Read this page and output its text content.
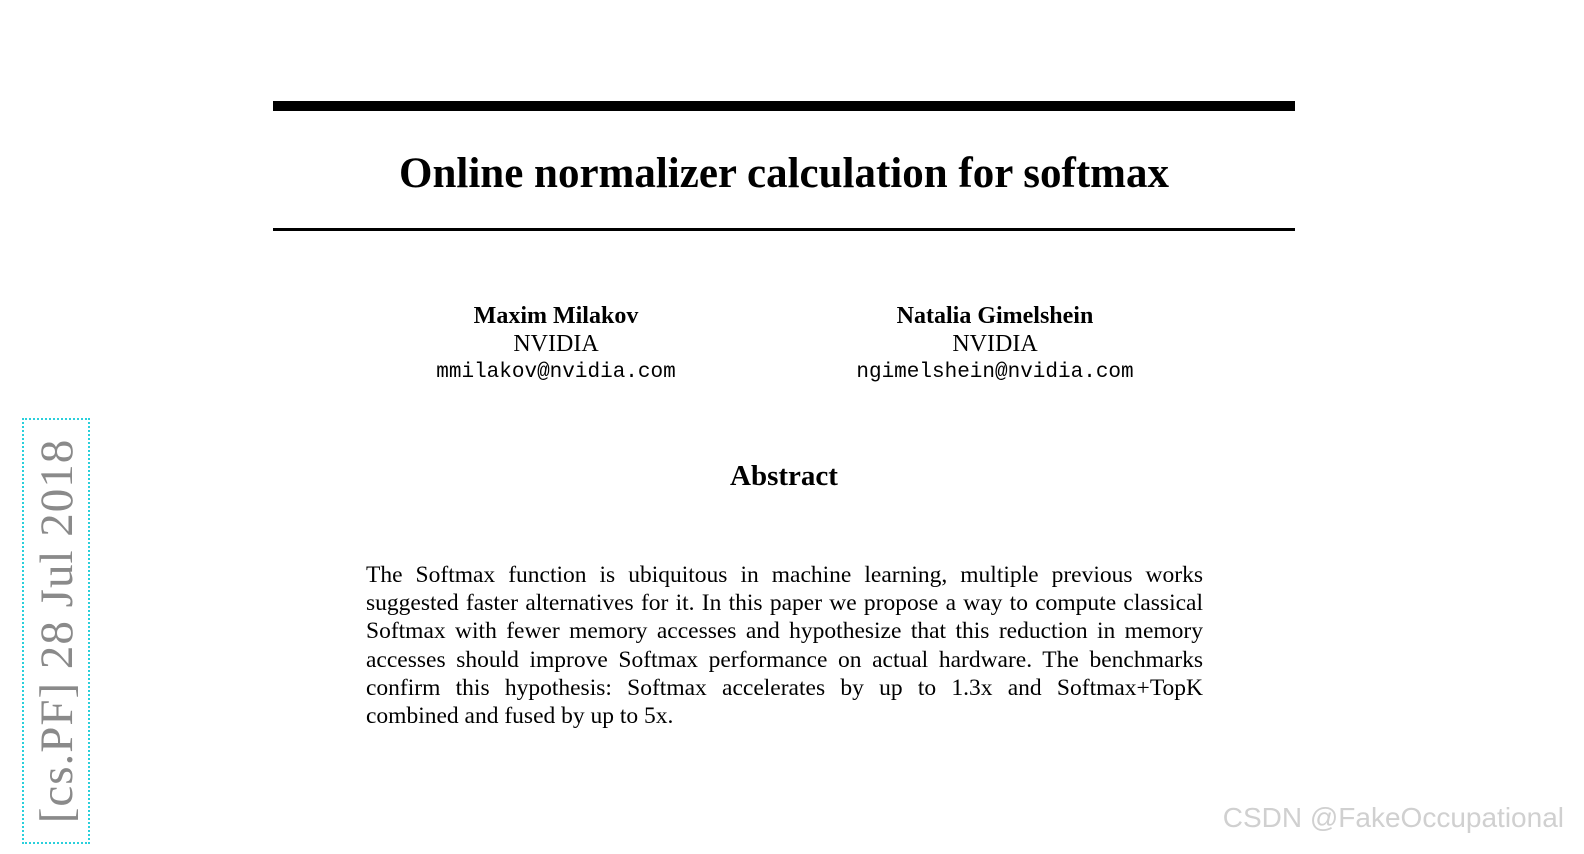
Online normalizer calculation for softmax
Maxim Milakov
NVIDIA
mmilakov@nvidia.com
Natalia Gimelshein
NVIDIA
ngimelshein@nvidia.com
Abstract

The Softmax function is ubiquitous in machine learning, multiple previous works suggested faster alternatives for it. In this paper we propose a way to compute classical Softmax with fewer memory accesses and hypothesize that this reduction in memory accesses should improve Softmax performance on actual hardware. The benchmarks confirm this hypothesis: Softmax accelerates by up to 1.3x and Softmax+TopK combined and fused by up to 5x.

[cs.PF] 28 Jul 2018	CSDN @FakeOccupational
